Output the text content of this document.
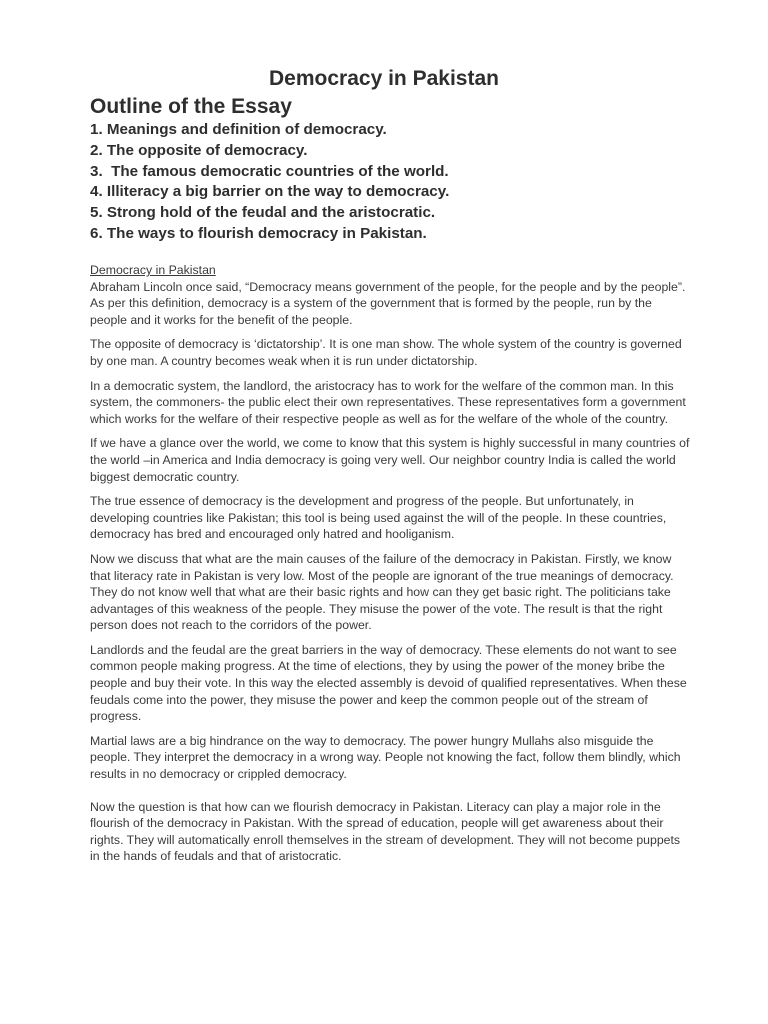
Democracy in Pakistan
Outline of the Essay
1. Meanings and definition of democracy.
2. The opposite of democracy.
3.  The famous democratic countries of the world.
4. Illiteracy a big barrier on the way to democracy.
5. Strong hold of the feudal and the aristocratic.
6. The ways to flourish democracy in Pakistan.

Democracy in Pakistan

Abraham Lincoln once said, “Democracy means government of the people, for the people and by the people”. As per this definition, democracy is a system of the government that is formed by the people, run by the people and it works for the benefit of the people.

The opposite of democracy is ‘dictatorship’. It is one man show. The whole system of the country is governed by one man. A country becomes weak when it is run under dictatorship.

In a democratic system, the landlord, the aristocracy has to work for the welfare of the common man. In this system, the commoners- the public elect their own representatives. These representatives form a government which works for the welfare of their respective people as well as for the welfare of the whole of the country.

If we have a glance over the world, we come to know that this system is highly successful in many countries of the world –in America and India democracy is going very well. Our neighbor country India is called the world biggest democratic country.

The true essence of democracy is the development and progress of the people. But unfortunately, in developing countries like Pakistan; this tool is being used against the will of the people. In these countries, democracy has bred and encouraged only hatred and hooliganism.

Now we discuss that what are the main causes of the failure of the democracy in Pakistan. Firstly, we know that literacy rate in Pakistan is very low. Most of the people are ignorant of the true meanings of democracy. They do not know well that what are their basic rights and how can they get basic right. The politicians take advantages of this weakness of the people. They misuse the power of the vote. The result is that the right person does not reach to the corridors of the power.

Landlords and the feudal are the great barriers in the way of democracy. These elements do not want to see common people making progress. At the time of elections, they by using the power of the money bribe the people and buy their vote. In this way the elected assembly is devoid of qualified representatives. When these feudals come into the power, they misuse the power and keep the common people out of the stream of progress.

Martial laws are a big hindrance on the way to democracy. The power hungry Mullahs also misguide the people. They interpret the democracy in a wrong way. People not knowing the fact, follow them blindly, which results in no democracy or crippled democracy.

Now the question is that how can we flourish democracy in Pakistan. Literacy can play a major role in the flourish of the democracy in Pakistan. With the spread of education, people will get awareness about their rights. They will automatically enroll themselves in the stream of development. They will not become puppets in the hands of feudals and that of aristocratic.
